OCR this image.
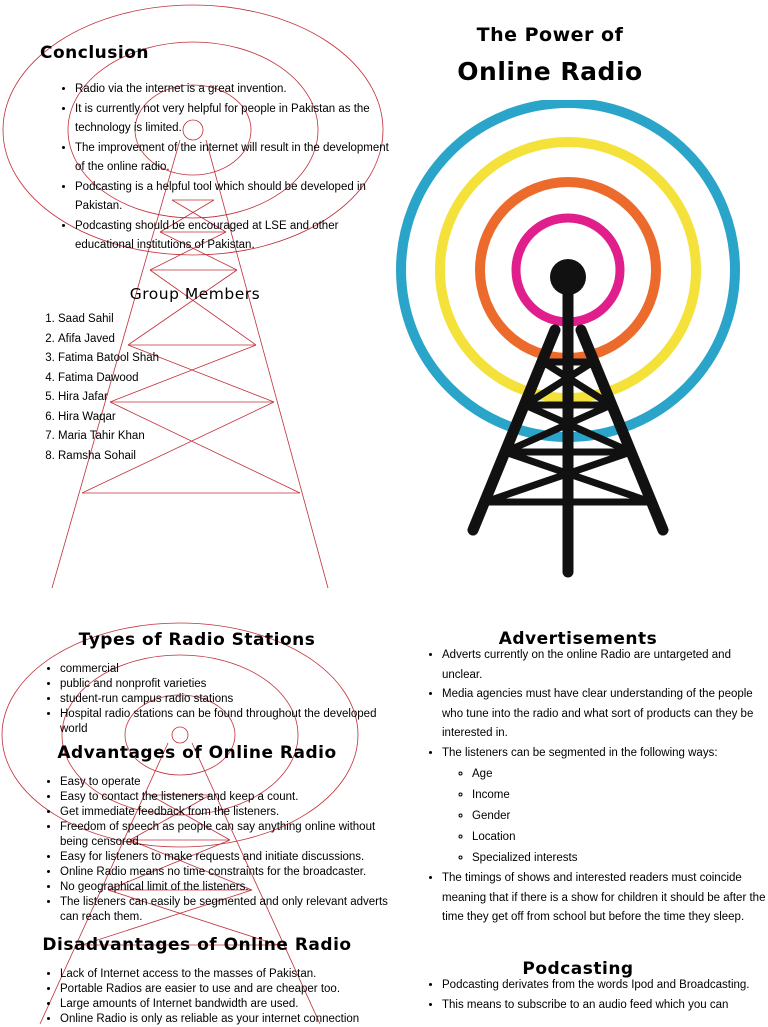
The Power of
Online Radio
Conclusion
• Radio via the internet is a great invention.
• It is currently not very helpful for people in Pakistan as the technology is limited.
• The improvement of the internet will result in the development of the online radio.
• Podcasting is a helpful tool which should be developed in Pakistan.
• Podcasting should be encouraged at LSE and other educational institutions of Pakistan.
Group Members
1. Saad Sahil
2. Afifa Javed
3. Fatima Batool Shah
4. Fatima Dawood
5. Hira Jafar
6. Hira Waqar
7. Maria Tahir Khan
8. Ramsha Sohail
Types of Radio Stations
• commercial
• public and nonprofit varieties
• student-run campus radio stations
• Hospital radio stations can be found throughout the developed world
Advantages of Online Radio
• Easy to operate
• Easy to contact the listeners and keep a count.
• Get immediate feedback from the listeners.
• Freedom of speech as people can say anything online without being censored.
• Easy for listeners to make requests and initiate discussions.
• Online Radio means no time constraints for the broadcaster.
• No geographical limit of the listeners.
• The listeners can easily be segmented and only relevant adverts can reach them.
Disadvantages of Online Radio
• Lack of Internet access to the masses of Pakistan.
• Portable Radios are easier to use and are cheaper too.
• Large amounts of Internet bandwidth are used.
• Online Radio is only as reliable as your internet connection
Advertisements
• Adverts currently on the online Radio are untargeted and unclear.
• Media agencies must have clear understanding of the people who tune into the radio and what sort of products can they be interested in.
• The listeners can be segmented in the following ways:
◦ Age
◦ Income
◦ Gender
◦ Location
◦ Specialized interests
• The timings of shows and interested readers must coincide meaning that if there is a show for children it should be after the time they get off from school but before the time they sleep.
Podcasting
• Podcasting derivates from the words Ipod and Broadcasting.
• This means to subscribe to an audio feed which you can
